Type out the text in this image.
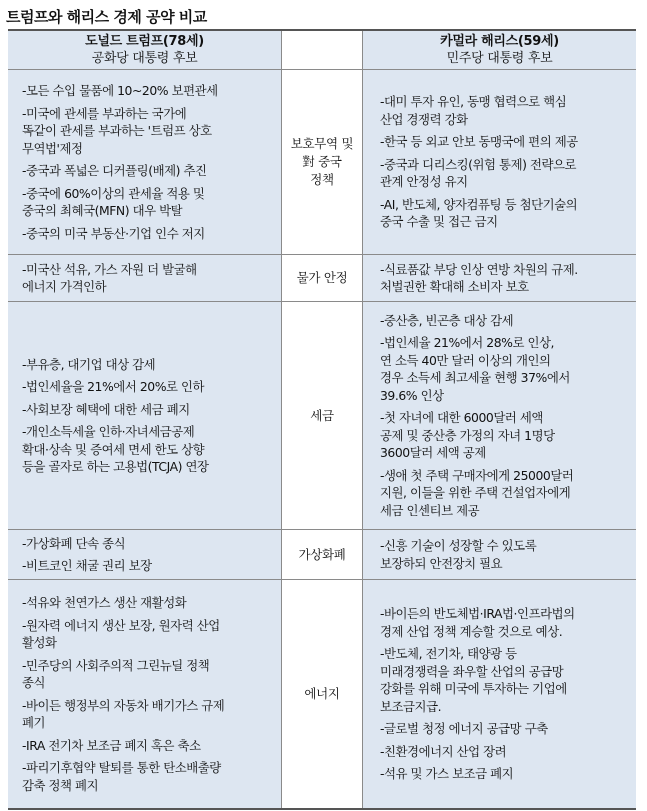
트럼프와 해리스 경제 공약 비교
도널드 트럼프(78세)
공화당 대통령 후보
카멀라 해리스(59세)
민주당 대통령 후보
-모든 수입 물품에 10~20% 보편관세
-미국에 관세를 부과하는 국가에
똑같이 관세를 부과하는 '트럼프 상호
무역법'제정
-중국과 폭넓은 디커플링(배제) 추진
-중국에 60%이상의 관세율 적용 및
중국의 최혜국(MFN) 대우 박탈
-중국의 미국 부동산·기업 인수 저지
보호무역 및
對 중국
정책
-대미 투자 유인, 동맹 협력으로 핵심
산업 경쟁력 강화
-한국 등 외교 안보 동맹국에 편의 제공
-중국과 디리스킹(위험 통제) 전략으로
관계 안정성 유지
-AI, 반도체, 양자컴퓨팅 등 첨단기술의
중국 수출 및 접근 금지
-미국산 석유, 가스 자원 더 발굴해
에너지 가격인하
물가 안정
-식료품값 부당 인상 연방 차원의 규제.
처벌권한 확대해 소비자 보호
-부유층, 대기업 대상 감세
-법인세율을 21%에서 20%로 인하
-사회보장 혜택에 대한 세금 폐지
-개인소득세율 인하·자녀세금공제
확대·상속 및 증여세 면세 한도 상향
등을 골자로 하는 고용법(TCJA) 연장
세금
-중산층, 빈곤층 대상 감세
-법인세율 21%에서 28%로 인상,
연 소득 40만 달러 이상의 개인의
경우 소득세 최고세율 현행 37%에서
39.6% 인상
-첫 자녀에 대한 6000달러 세액
공제 및 중산층 가정의 자녀 1명당
3600달러 세액 공제
-생애 첫 주택 구매자에게 25000달러
지원, 이들을 위한 주택 건설업자에게
세금 인센티브 제공
-가상화폐 단속 종식
-비트코인 채굴 권리 보장
가상화폐
-신흥 기술이 성장할 수 있도록
보장하되 안전장치 필요
-석유와 천연가스 생산 재활성화
-원자력 에너지 생산 보장, 원자력 산업
활성화
-민주당의 사회주의적 그린뉴딜 정책
종식
-바이든 행정부의 자동차 배기가스 규제
폐기
-IRA 전기차 보조금 폐지 혹은 축소
-파리기후협약 탈퇴를 통한 탄소배출량
감축 정책 폐지
에너지
-바이든의 반도체법·IRA법·인프라법의
경제 산업 정책 계승할 것으로 예상.
-반도체, 전기차, 태양광 등
미래경쟁력을 좌우할 산업의 공급망
강화를 위해 미국에 투자하는 기업에
보조금지급.
-글로벌 청정 에너지 공급망 구축
-친환경에너지 산업 장려
-석유 및 가스 보조금 폐지
